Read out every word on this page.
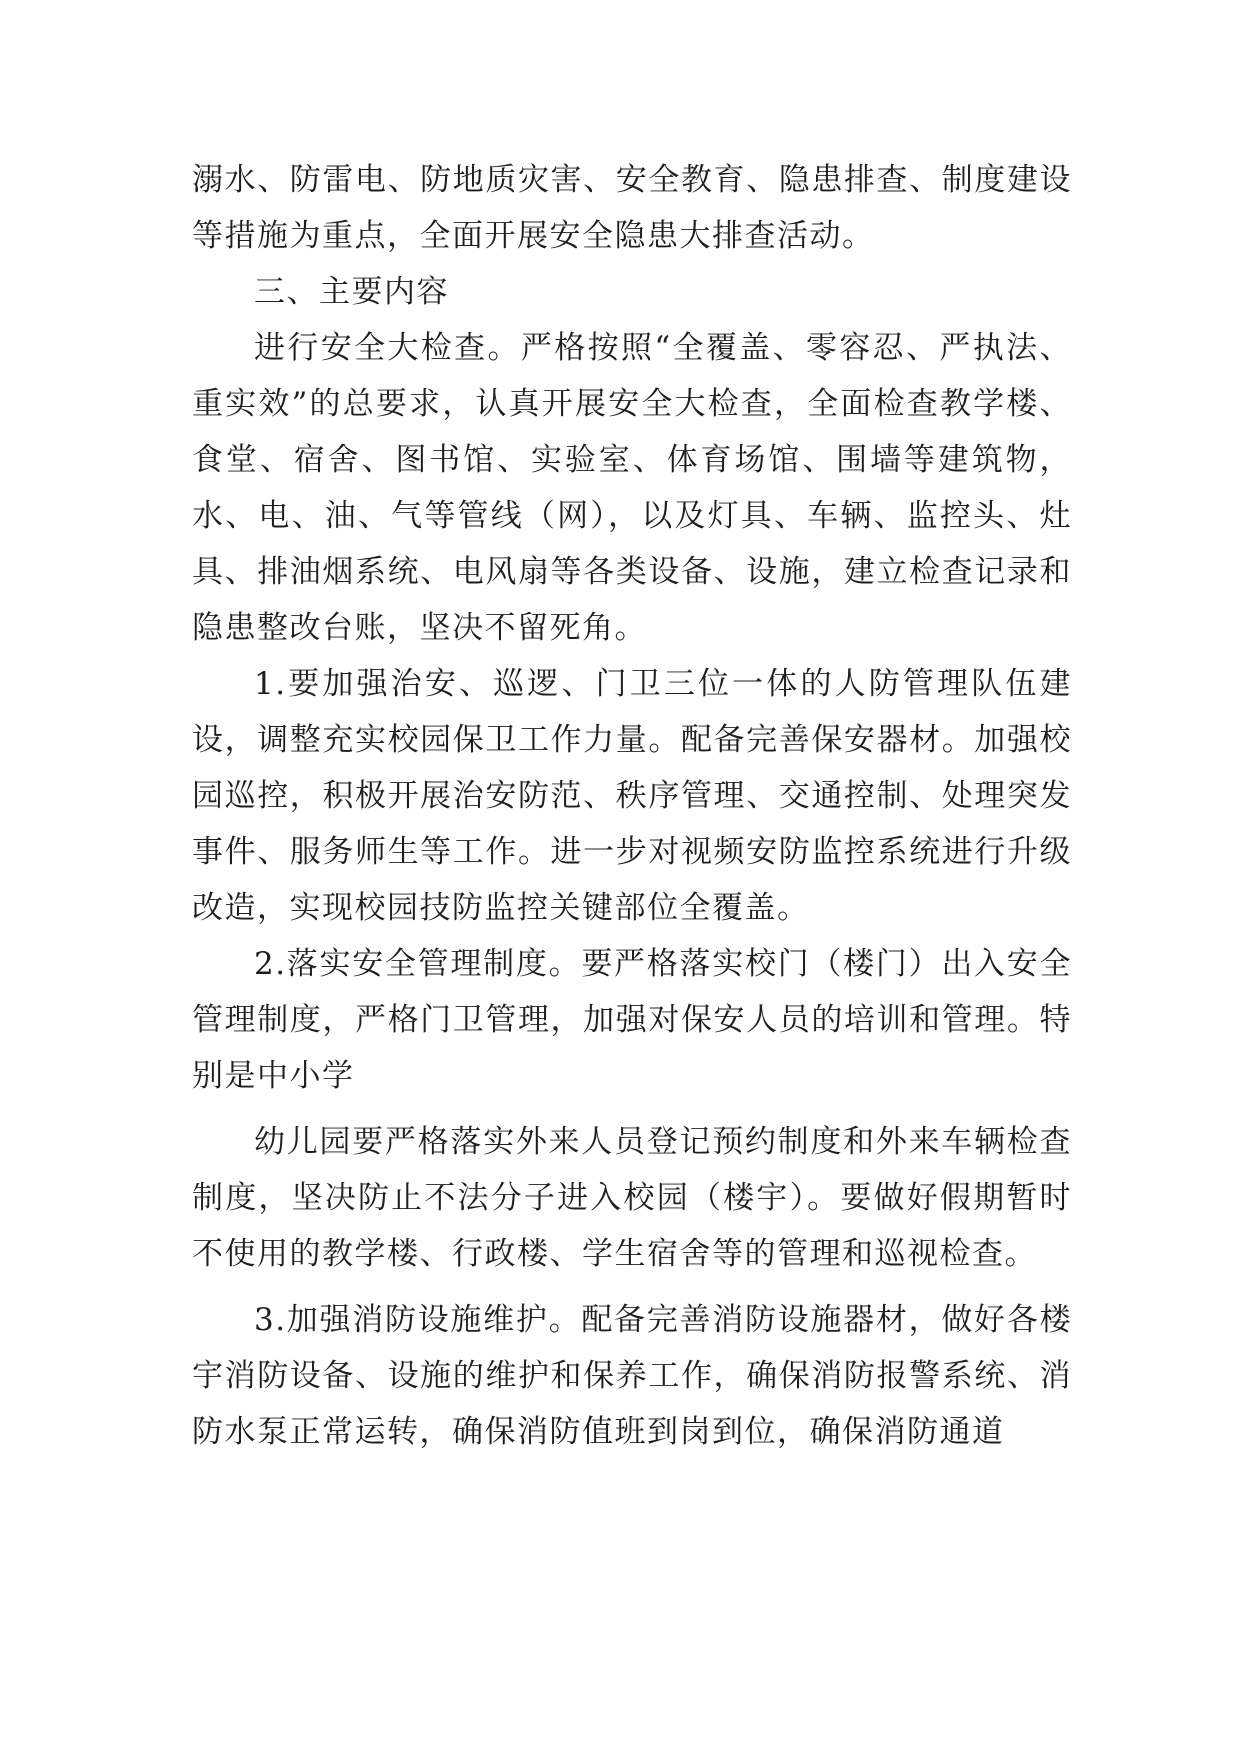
溺水、防雷电、防地质灾害、安全教育、隐患排查、制度建设等措施为重点，全面开展安全隐患大排查活动。

三、主要内容

进行安全大检查。严格按照“全覆盖、零容忍、严执法、重实效”的总要求，认真开展安全大检查，全面检查教学楼、食堂、宿舍、图书馆、实验室、体育场馆、围墙等建筑物，水、电、油、气等管线（网），以及灯具、车辆、监控头、灶具、排油烟系统、电风扇等各类设备、设施，建立检查记录和隐患整改台账，坚决不留死角。

1.要加强治安、巡逻、门卫三位一体的人防管理队伍建设，调整充实校园保卫工作力量。配备完善保安器材。加强校园巡控，积极开展治安防范、秩序管理、交通控制、处理突发事件、服务师生等工作。进一步对视频安防监控系统进行升级改造，实现校园技防监控关键部位全覆盖。

2.落实安全管理制度。要严格落实校门（楼门）出入安全管理制度，严格门卫管理，加强对保安人员的培训和管理。特别是中小学

幼儿园要严格落实外来人员登记预约制度和外来车辆检查制度，坚决防止不法分子进入校园（楼宇）。要做好假期暂时不使用的教学楼、行政楼、学生宿舍等的管理和巡视检查。

3.加强消防设施维护。配备完善消防设施器材，做好各楼宇消防设备、设施的维护和保养工作，确保消防报警系统、消防水泵正常运转，确保消防值班到岗到位，确保消防通道
